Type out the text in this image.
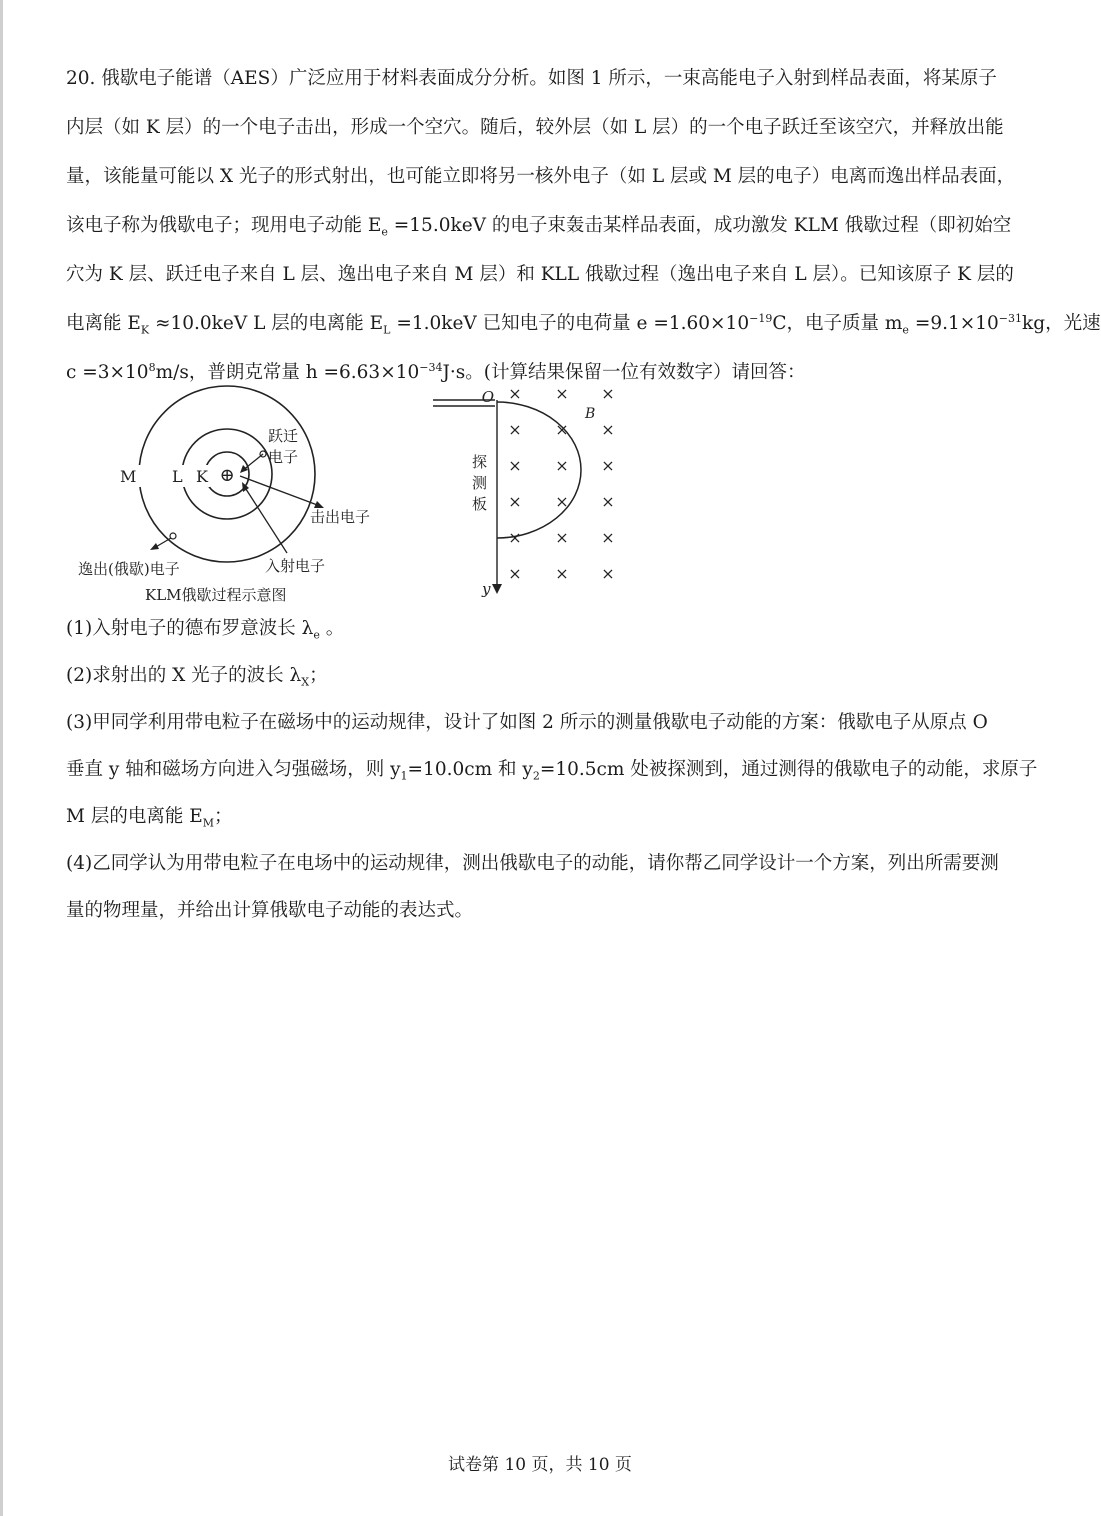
20. 俄歇电子能谱（AES）广泛应用于材料表面成分分析。如图 1 所示，一束高能电子入射到样品表面，将某原子
内层（如 K 层）的一个电子击出，形成一个空穴。随后，较外层（如 L 层）的一个电子跃迁至该空穴，并释放出能
量，该能量可能以 X 光子的形式射出，也可能立即将另一核外电子（如 L 层或 M 层的电子）电离而逸出样品表面，
该电子称为俄歇电子；现用电子动能 $E_e =15.0keV$ 的电子束轰击某样品表面，成功激发 KLM 俄歇过程（即初始空
穴为 K 层、跃迁电子来自 L 层、逸出电子来自 M 层）和 KLL 俄歇过程（逸出电子来自 L 层）。已知该原子 K 层的
电离能 $E_K \approx 10.0keV$ L 层的电离能 $E_L =1.0keV$ 已知电子的电荷量 $e =1.60\times 10^{-19}C$，电子质量 $m_e =9.1\times 10^{-31}kg$，光速
$c =3\times 10^8m/s$，普朗克常量 $h =6.63\times 10^{-34}J\cdot s$。(计算结果保留一位有效数字）请回答：
⊕
M L K
跃迁
电子
击出电子
入射电子
逸出(俄歇)电子
KLM俄歇过程示意图
O
y
B
探
测
板
× × ×
× × ×
× × ×
× × ×
× × ×
× × ×
(1)入射电子的德布罗意波长 $\lambda_e$ 。
(2)求射出的 X 光子的波长 $\lambda_X$；
(3)甲同学利用带电粒子在磁场中的运动规律，设计了如图 2 所示的测量俄歇电子动能的方案：俄歇电子从原点 O
垂直 y 轴和磁场方向进入匀强磁场，则 $y_1=10.0cm$ 和 $y_2=10.5cm$ 处被探测到，通过测得的俄歇电子的动能，求原子
M 层的电离能 $E_M$；
(4)乙同学认为用带电粒子在电场中的运动规律，测出俄歇电子的动能，请你帮乙同学设计一个方案，列出所需要测
量的物理量，并给出计算俄歇电子动能的表达式。
试卷第 10 页，共 10 页
